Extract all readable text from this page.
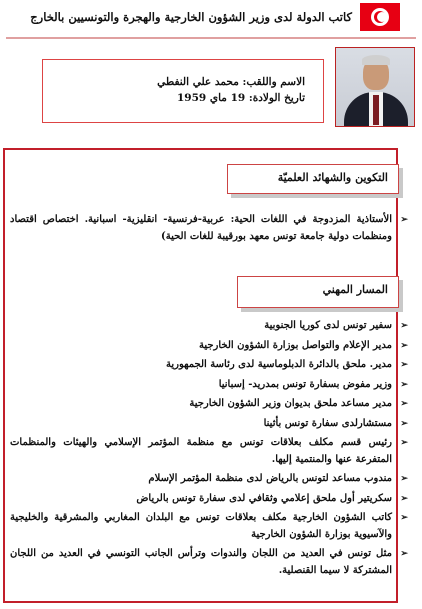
كاتب الدولة لدى وزير الشؤون الخارجية والهجرة والتونسيين بالخارج
الاسم واللقب: محمد علي النفطي
تاريخ الولادة: 19 ماي 1959
التكوين والشهائد العلميّة
➢
الأستاذية المزدوجة في اللغات الحية: عربية-فرنسية- انقليزية- اسبانية. اختصاص اقتصاد ومنظمات دولية جامعة تونس معهد بورقيبة للغات الحية)
المسار المهني
➢
سفير تونس لدى كوريا الجنوبية
➢
مدير الإعلام والتواصل بوزارة الشؤون الخارجية
➢
مدير. ملحق بالدائرة الدبلوماسية لدى رئاسة الجمهورية
➢
وزير مفوض بسفارة تونس بمدريد- إسبانيا
➢
مدير مساعد ملحق بديوان وزير الشؤون الخارجية
➢
مستشارلدى سفارة تونس بأثينا
➢
رئيس قسم مكلف بعلاقات تونس مع منظمة المؤتمر الإسلامي والهيئات والمنظمات المتفرعة عنها والمنتمية إليها.
➢
مندوب مساعد لتونس بالرياض لدى منظمة المؤتمر الإسلام
➢
سكريتير أول ملحق إعلامي وثقافي لدى سفارة تونس بالرياض
➢
كاتب الشؤون الخارجية مكلف بعلاقات تونس مع البلدان المغاربي والمشرقية والخليجية والآسيوية بوزارة الشؤون الخارجية
➢
مثل تونس في العديد من اللجان والندوات وترأس الجانب التونسي في العديد من اللجان المشتركة لا سيما القنصلية.
